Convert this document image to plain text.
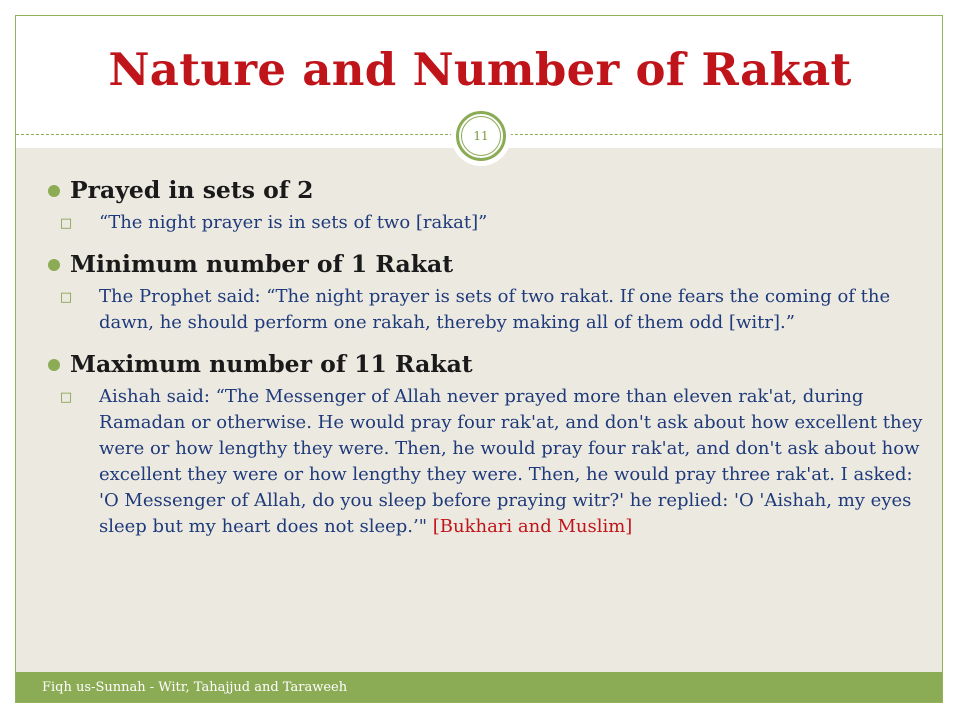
Nature and Number of Rakat
11
Prayed in sets of 2
□ “The night prayer is in sets of two [rakat]”
Minimum number of 1 Rakat
□ The Prophet said: “The night prayer is sets of two rakat. If one fears the coming of the dawn, he should perform one rakah, thereby making all of them odd [witr].”
Maximum number of 11 Rakat
□ Aishah said: “The Messenger of Allah never prayed more than eleven rak'at, during Ramadan or otherwise. He would pray four rak'at, and don't ask about how excellent they were or how lengthy they were. Then, he would pray four rak'at, and don't ask about how excellent they were or how lengthy they were. Then, he would pray three rak'at. I asked: 'O Messenger of Allah, do you sleep before praying witr?' he replied: 'O 'Aishah, my eyes sleep but my heart does not sleep.’" [Bukhari and Muslim]
Fiqh us-Sunnah - Witr, Tahajjud and Taraweeh
